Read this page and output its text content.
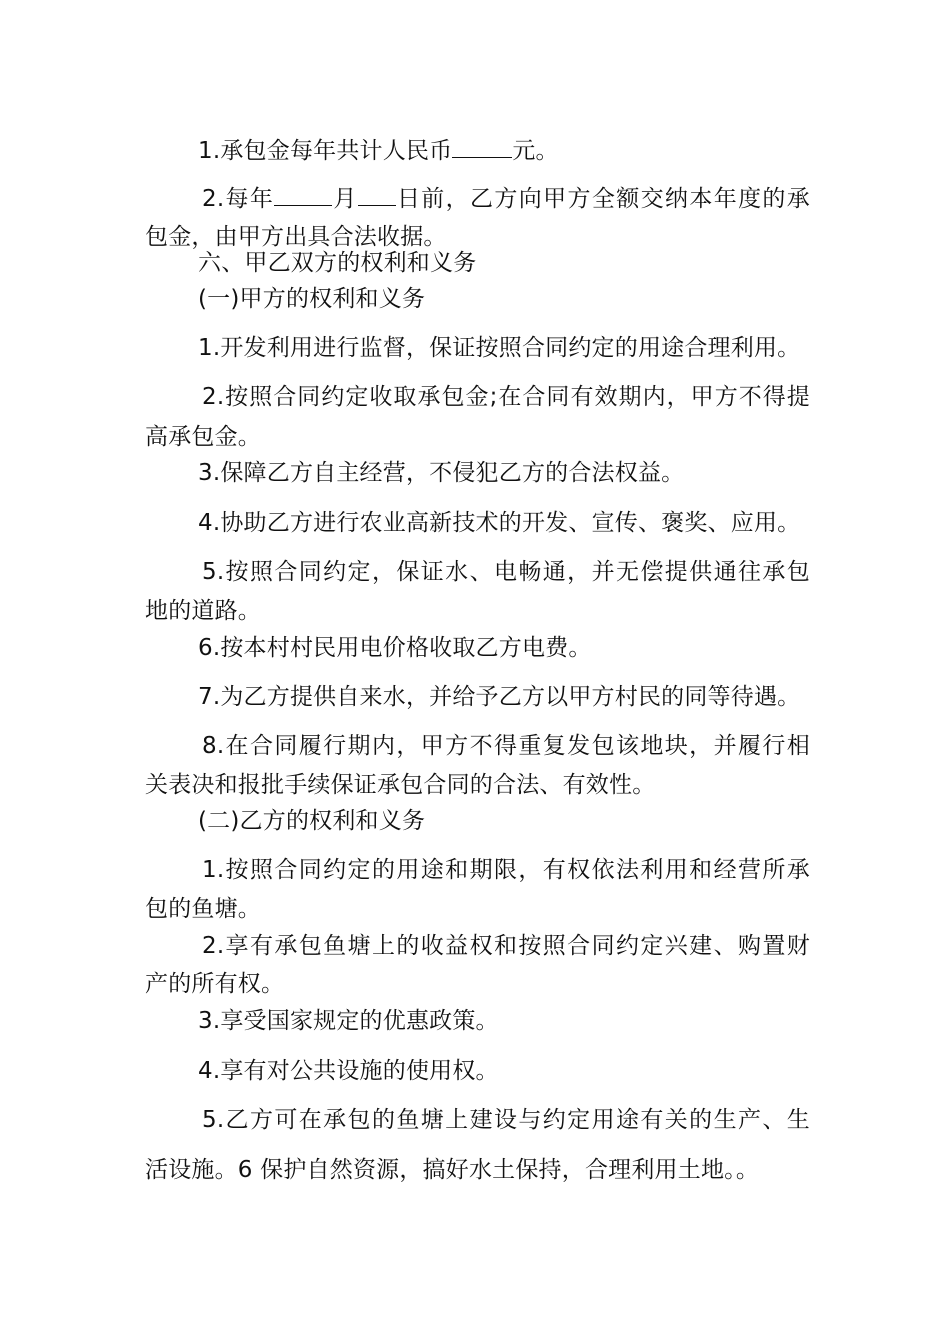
1.承包金每年共计人民币	元。
2.每年	月 日前，乙方向甲方全额交纳本年度的承
包金，由甲方出具合法收据。
六、甲乙双方的权利和义务
(一)甲方的权利和义务
1.开发利用进行监督，保证按照合同约定的用途合理利用。
2.按照合同约定收取承包金;在合同有效期内，甲方不得提
高承包金。
3.保障乙方自主经营，不侵犯乙方的合法权益。
4.协助乙方进行农业高新技术的开发、宣传、褒奖、应用。
5.按照合同约定，保证水、电畅通，并无偿提供通往承包
地的道路。
6.按本村村民用电价格收取乙方电费。
7.为乙方提供自来水，并给予乙方以甲方村民的同等待遇。
8.在合同履行期内，甲方不得重复发包该地块，并履行相
关表决和报批手续保证承包合同的合法、有效性。
(二)乙方的权利和义务
1.按照合同约定的用途和期限，有权依法利用和经营所承
包的鱼塘。
2.享有承包鱼塘上的收益权和按照合同约定兴建、购置财
产的所有权。
3.享受国家规定的优惠政策。
4.享有对公共设施的使用权。
5.乙方可在承包的鱼塘上建设与约定用途有关的生产、生
活设施。6 保护自然资源，搞好水土保持，合理利用土地。。
